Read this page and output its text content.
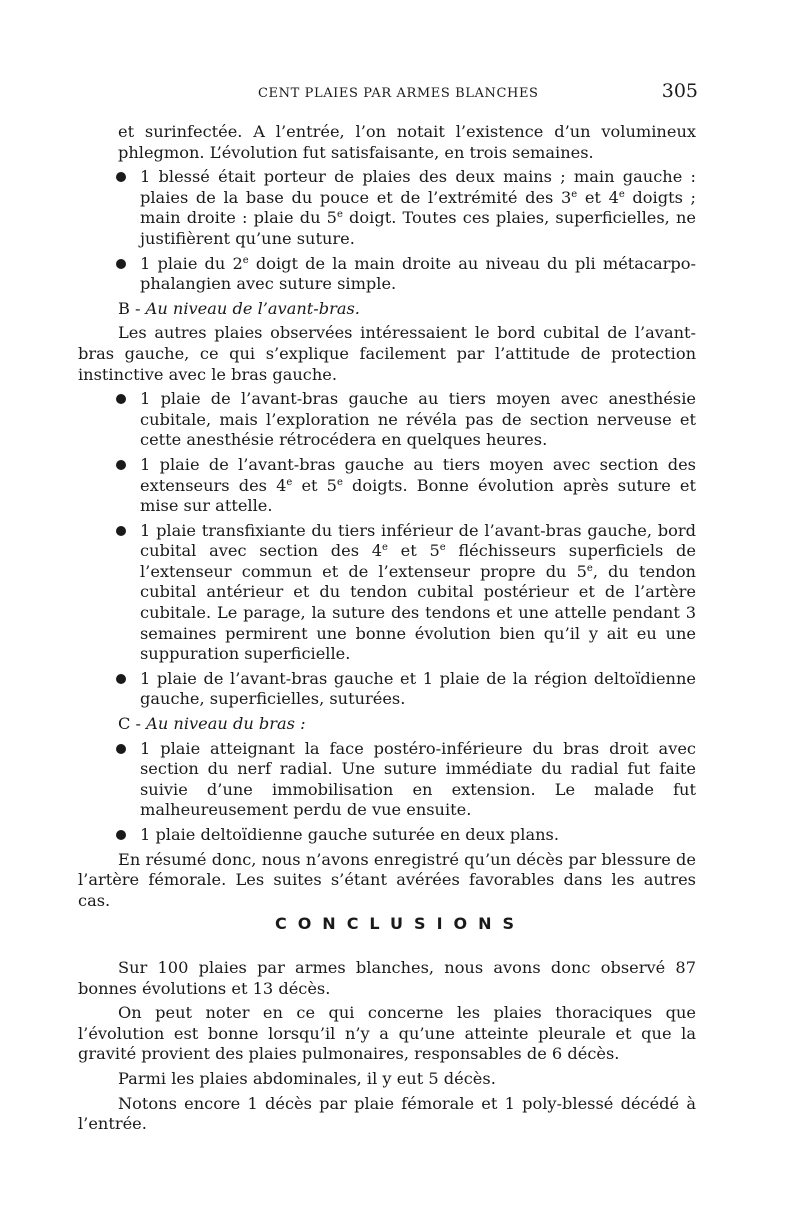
CENT PLAIES PAR ARMES BLANCHES	305

et surinfectée. A l’entrée, l’on notait l’existence d’un volumineux phlegmon. L’évolution fut satisfaisante, en trois semaines.

1 blessé était porteur de plaies des deux mains ; main gauche : plaies de la base du pouce et de l’extrémité des 3e et 4e doigts ; main droite : plaie du 5e doigt. Toutes ces plaies, superficielles, ne justifièrent qu’une suture.
1 plaie du 2e doigt de la main droite au niveau du pli métacarpo-phalangien avec suture simple.

B - Au niveau de l’avant-bras.

Les autres plaies observées intéressaient le bord cubital de l’avant-bras gauche, ce qui s’explique facilement par l’attitude de protection instinctive avec le bras gauche.

1 plaie de l’avant-bras gauche au tiers moyen avec anesthésie cubitale, mais l’exploration ne révéla pas de section nerveuse et cette anesthésie rétrocédera en quelques heures.
1 plaie de l’avant-bras gauche au tiers moyen avec section des extenseurs des 4e et 5e doigts. Bonne évolution après suture et mise sur attelle.
1 plaie transfixiante du tiers inférieur de l’avant-bras gauche, bord cubital avec section des 4e et 5e fléchisseurs superficiels de l’extenseur commun et de l’extenseur propre du 5e, du tendon cubital antérieur et du tendon cubital postérieur et de l’artère cubitale. Le parage, la suture des tendons et une attelle pendant 3 semaines permirent une bonne évolution bien qu’il y ait eu une suppuration superficielle.
1 plaie de l’avant-bras gauche et 1 plaie de la région deltoïdienne gauche, superficielles, suturées.

C - Au niveau du bras :

1 plaie atteignant la face postéro-inférieure du bras droit avec section du nerf radial. Une suture immédiate du radial fut faite suivie d’une immobilisation en extension. Le malade fut malheureusement perdu de vue ensuite.
1 plaie deltoïdienne gauche suturée en deux plans.

En résumé donc, nous n’avons enregistré qu’un décès par blessure de l’artère fémorale. Les suites s’étant avérées favorables dans les autres cas.

CONCLUSIONS

Sur 100 plaies par armes blanches, nous avons donc observé 87 bonnes évolutions et 13 décès.

On peut noter en ce qui concerne les plaies thoraciques que l’évolution est bonne lorsqu’il n’y a qu’une atteinte pleurale et que la gravité provient des plaies pulmonaires, responsables de 6 décès.

Parmi les plaies abdominales, il y eut 5 décès.

Notons encore 1 décès par plaie fémorale et 1 poly-blessé décédé à l’entrée.
